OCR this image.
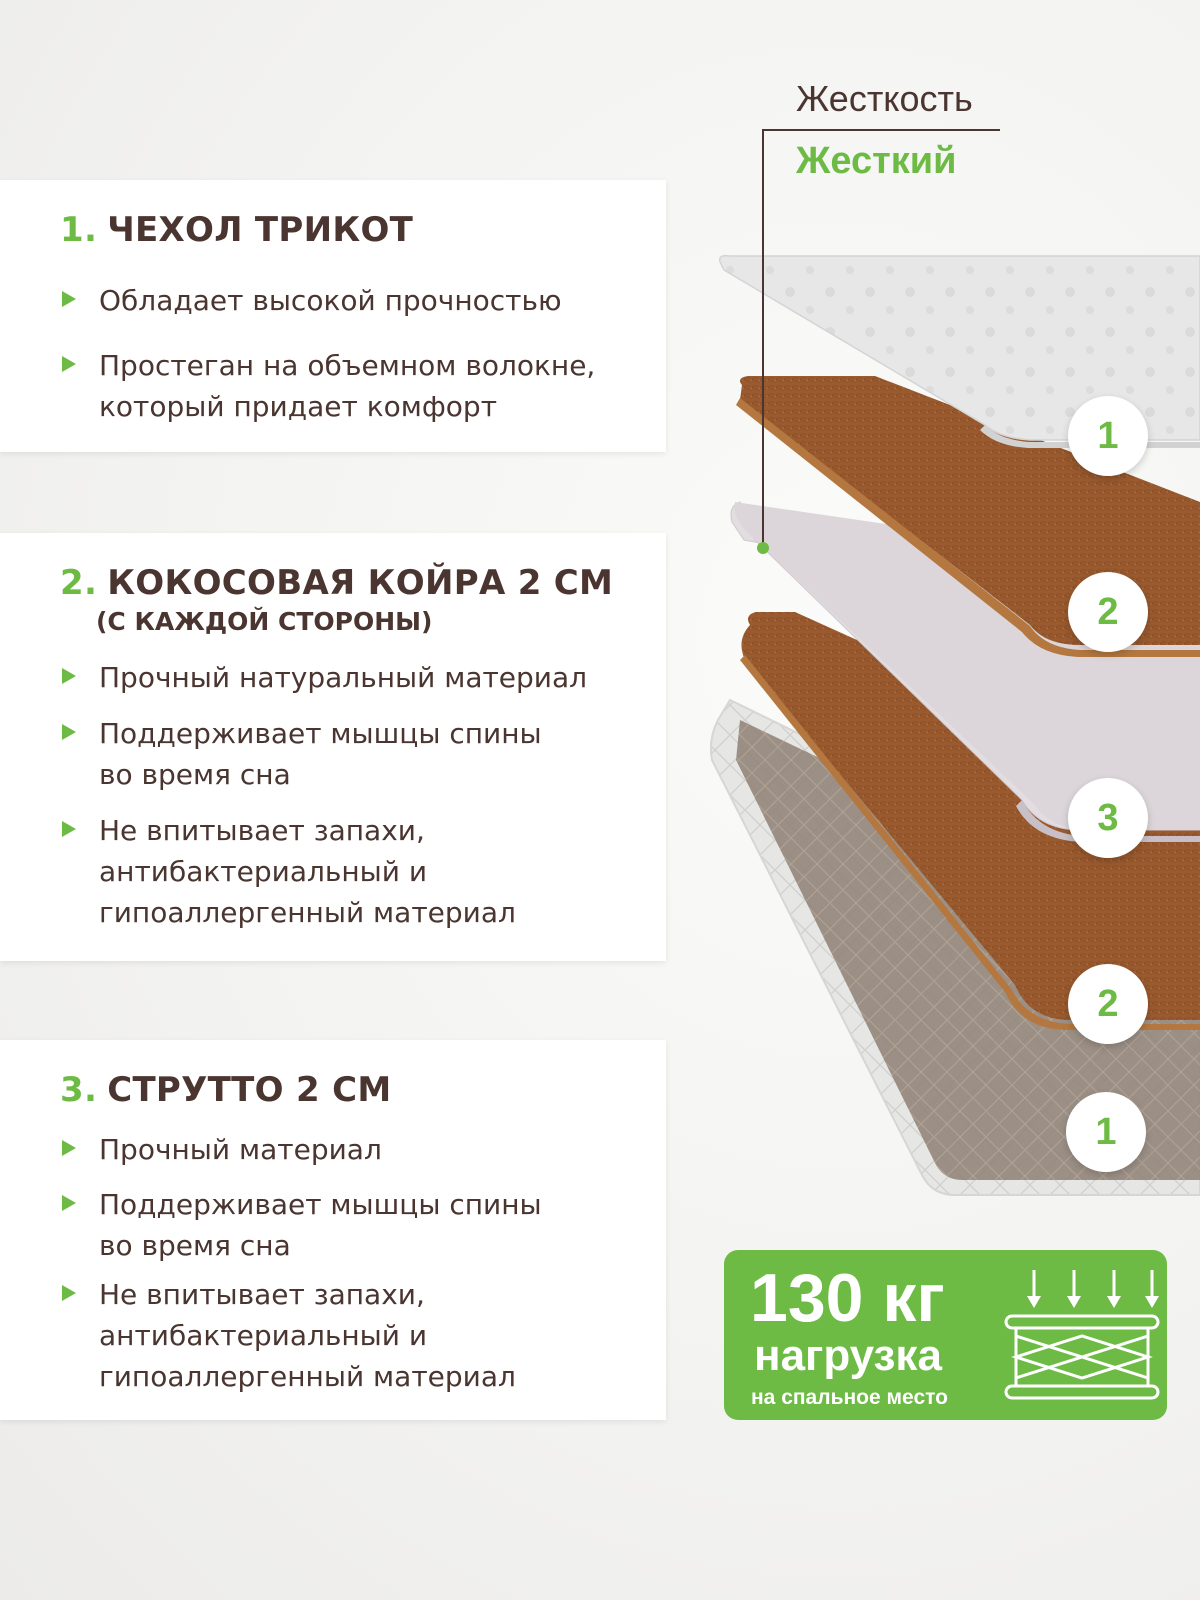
1. ЧЕХОЛ ТРИКОТ
Обладает высокой прочностью
Простеган на объемном волокне, который придает комфорт
2. КОКОСОВАЯ КОЙРА 2 СМ
(С КАЖДОЙ СТОРОНЫ)
Прочный натуральный материал
Поддерживает мышцы спины во время сна
Не впитывает запахи, антибактериальный и гипоаллергенный материал
3. СТРУТТО 2 СМ
Прочный материал
Поддерживает мышцы спины во время сна
Не впитывает запахи, антибактериальный и гипоаллергенный материал
Жесткость
Жесткий
1
2
3
2
1
130 кг
нагрузка
на спальное место
